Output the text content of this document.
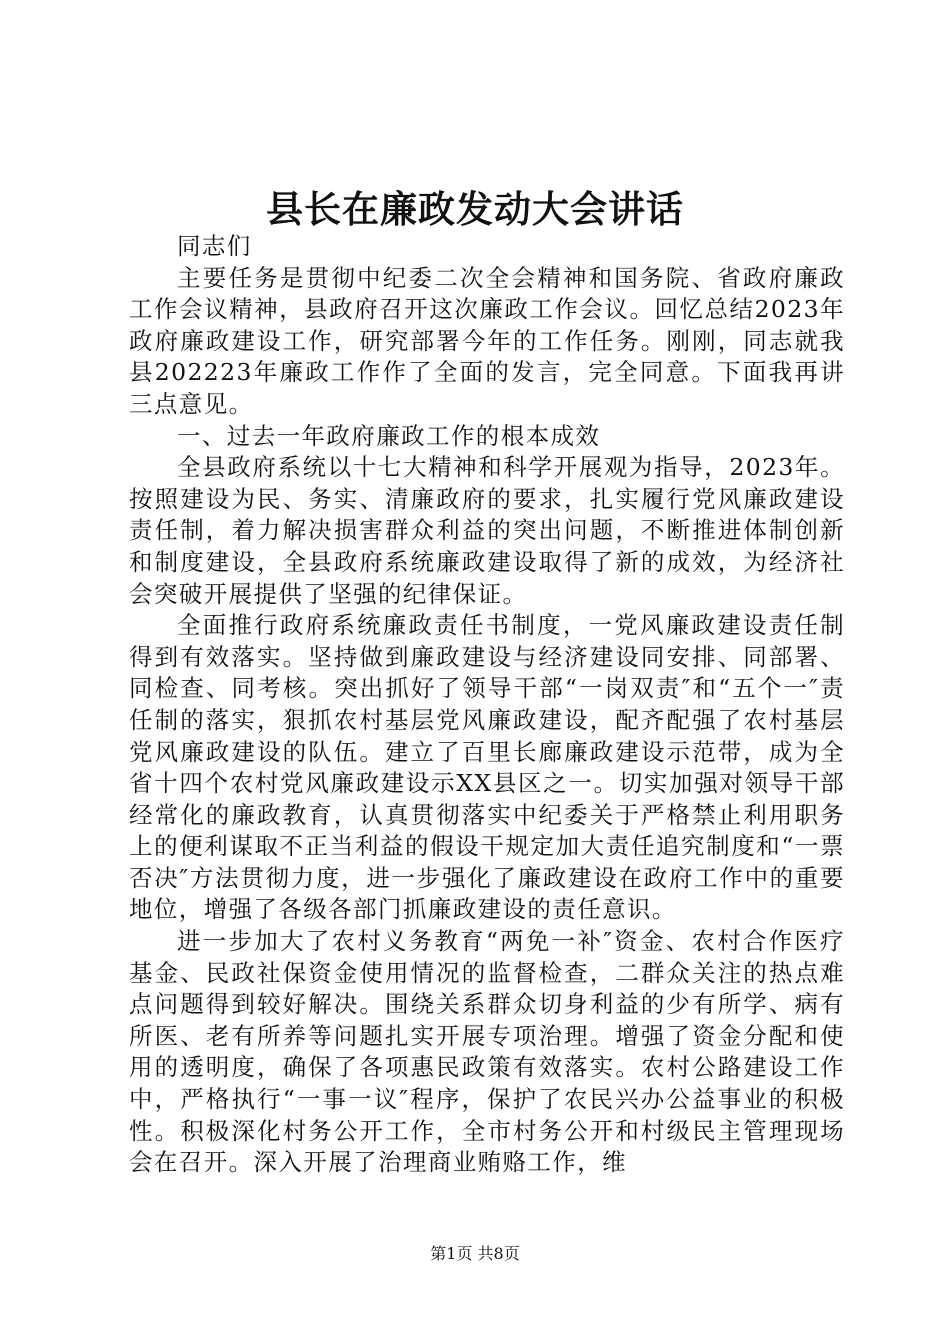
县长在廉政发动大会讲话

同志们

主要任务是贯彻中纪委二次全会精神和国务院、省政府廉政工作会议精神，县政府召开这次廉政工作会议。回忆总结2023年政府廉政建设工作，研究部署今年的工作任务。刚刚，同志就我县202223年廉政工作作了全面的发言，完全同意。下面我再讲三点意见。

一、过去一年政府廉政工作的根本成效

全县政府系统以十七大精神和科学开展观为指导，2023年。按照建设为民、务实、清廉政府的要求，扎实履行党风廉政建设责任制，着力解决损害群众利益的突出问题，不断推进体制创新和制度建设，全县政府系统廉政建设取得了新的成效，为经济社会突破开展提供了坚强的纪律保证。

全面推行政府系统廉政责任书制度，一党风廉政建设责任制得到有效落实。坚持做到廉政建设与经济建设同安排、同部署、同检查、同考核。突出抓好了领导干部“一岗双责″和“五个一″责任制的落实，狠抓农村基层党风廉政建设，配齐配强了农村基层党风廉政建设的队伍。建立了百里长廊廉政建设示范带，成为全省十四个农村党风廉政建设示XX县区之一。切实加强对领导干部经常化的廉政教育，认真贯彻落实中纪委关于严格禁止利用职务上的便利谋取不正当利益的假设干规定加大责任追究制度和“一票否决″方法贯彻力度，进一步强化了廉政建设在政府工作中的重要地位，增强了各级各部门抓廉政建设的责任意识。

进一步加大了农村义务教育“两免一补″资金、农村合作医疗基金、民政社保资金使用情况的监督检查，二群众关注的热点难点问题得到较好解决。围绕关系群众切身利益的少有所学、病有所医、老有所养等问题扎实开展专项治理。增强了资金分配和使用的透明度，确保了各项惠民政策有效落实。农村公路建设工作中，严格执行“一事一议″程序，保护了农民兴办公益事业的积极性。积极深化村务公开工作，全市村务公开和村级民主管理现场会在召开。深入开展了治理商业贿赂工作，维

第1页 共8页
